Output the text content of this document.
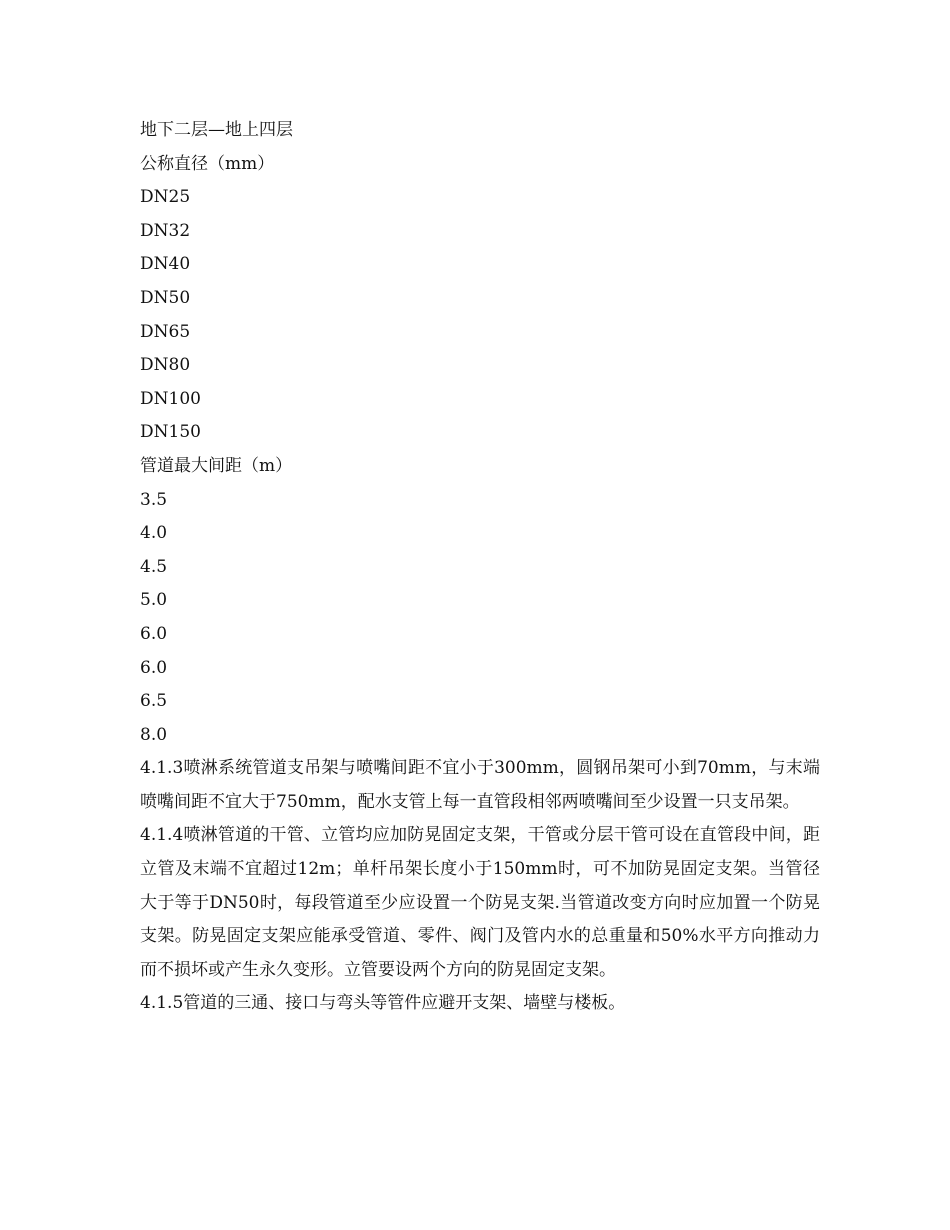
地下二层—地上四层
公称直径（mm）
DN25
DN32
DN40
DN50
DN65
DN80
DN100
DN150
管道最大间距（m）
3.5
4.0
4.5
5.0
6.0
6.0
6.5
8.0
4.1.3喷淋系统管道支吊架与喷嘴间距不宜小于300mm，圆钢吊架可小到70mm，与末端喷嘴间距不宜大于750mm，配水支管上每一直管段相邻两喷嘴间至少设置一只支吊架。
4.1.4喷淋管道的干管、立管均应加防晃固定支架，干管或分层干管可设在直管段中间，距立管及末端不宜超过12m；单杆吊架长度小于150mm时，可不加防晃固定支架。当管径大于等于DN50时，每段管道至少应设置一个防晃支架.当管道改变方向时应加置一个防晃支架。防晃固定支架应能承受管道、零件、阀门及管内水的总重量和50%水平方向推动力而不损坏或产生永久变形。立管要设两个方向的防晃固定支架。
4.1.5管道的三通、接口与弯头等管件应避开支架、墙壁与楼板。
